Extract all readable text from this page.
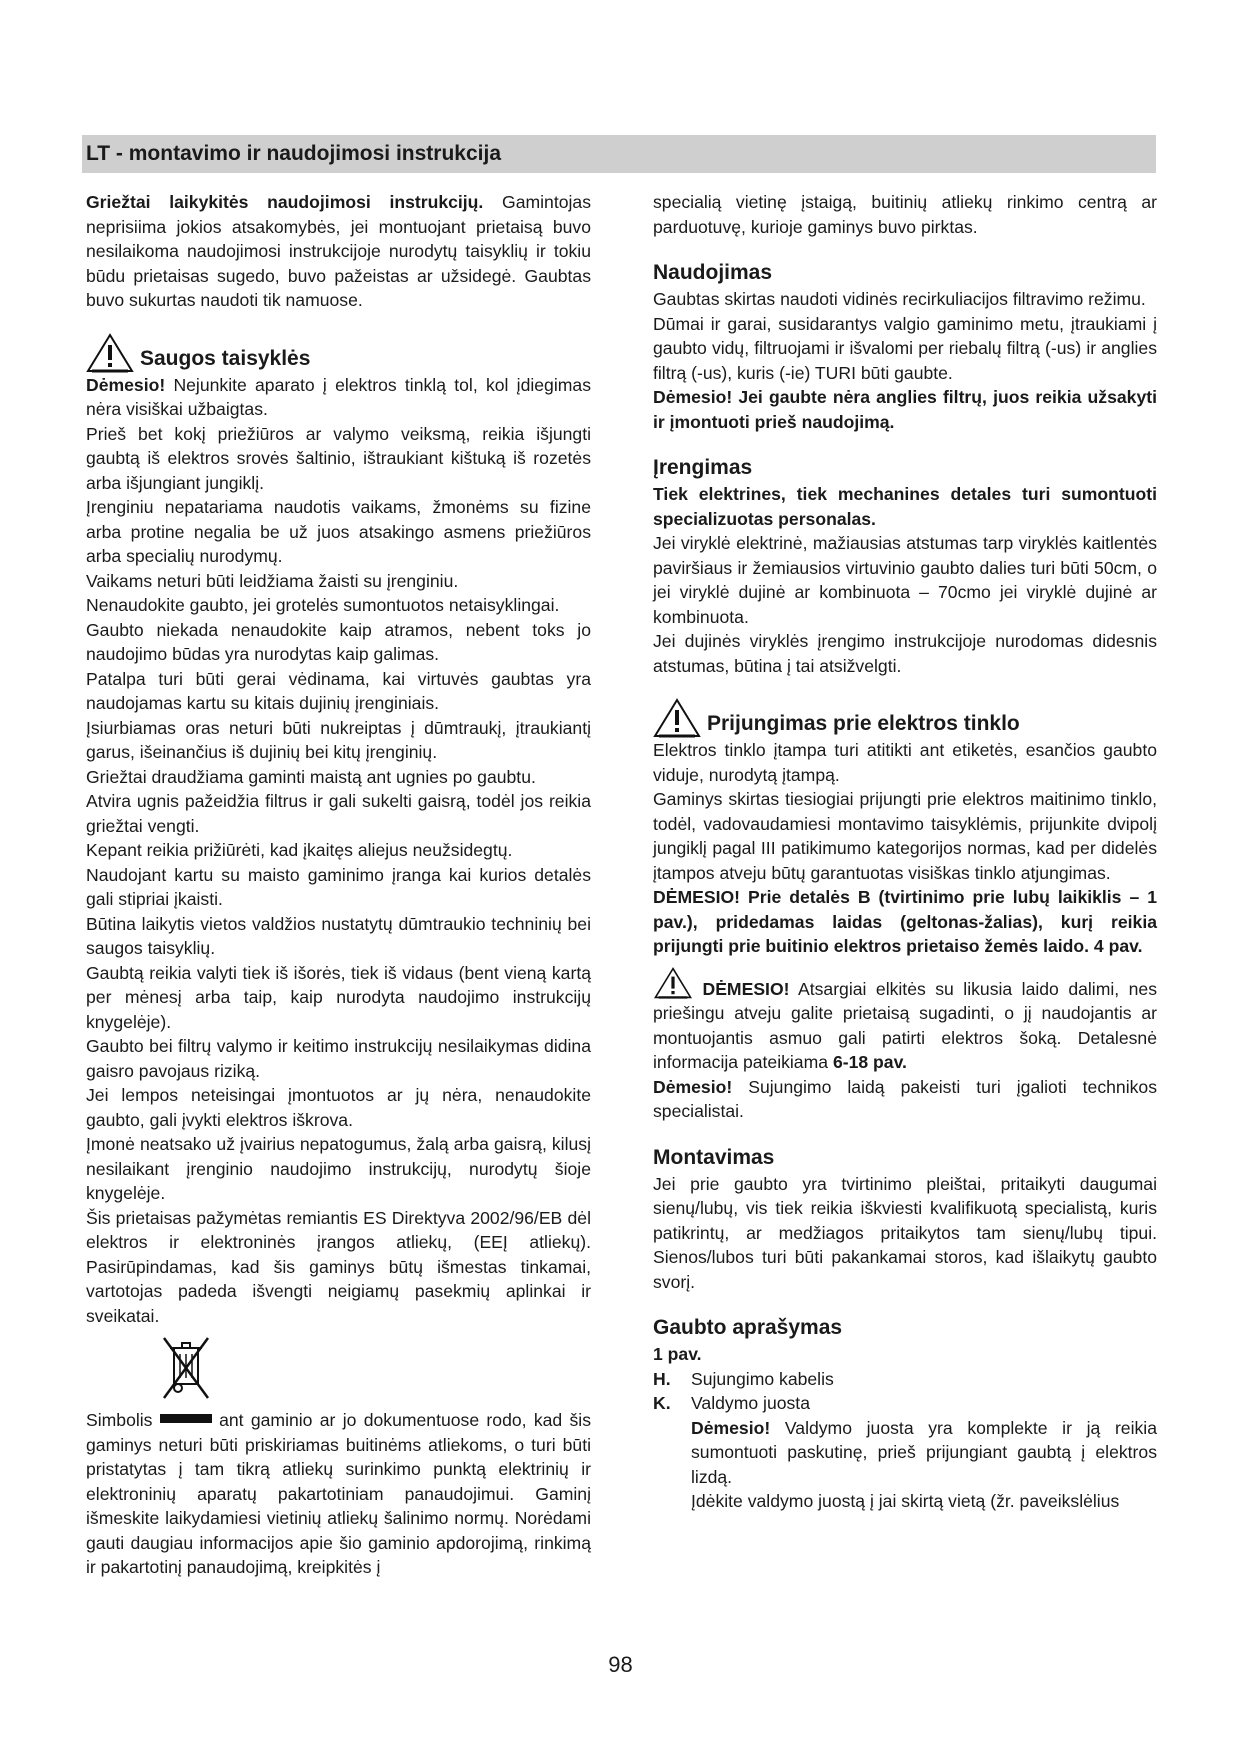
LT - montavimo ir naudojimosi instrukcija

Griežtai laikykitės naudojimosi instrukcijų. Gamintojas neprisiima jokios atsakomybės, jei montuojant prietaisą buvo nesilaikoma naudojimosi instrukcijoje nurodytų taisyklių ir tokiu būdu prietaisas sugedo, buvo pažeistas ar užsidegė. Gaubtas buvo sukurtas naudoti tik namuose.

Saugos taisyklės

Dėmesio! Nejunkite aparato į elektros tinklą tol, kol įdiegimas nėra visiškai užbaigtas.

Prieš bet kokį priežiūros ar valymo veiksmą, reikia išjungti gaubtą iš elektros srovės šaltinio, ištraukiant kištuką iš rozetės arba išjungiant jungiklį.

Įrenginiu nepatariama naudotis vaikams, žmonėms su fizine arba protine negalia be už juos atsakingo asmens priežiūros arba specialių nurodymų.

Vaikams neturi būti leidžiama žaisti su įrenginiu.

Nenaudokite gaubto, jei grotelės sumontuotos netaisyklingai.

Gaubto niekada nenaudokite kaip atramos, nebent toks jo naudojimo būdas yra nurodytas kaip galimas.

Patalpa turi būti gerai vėdinama, kai virtuvės gaubtas yra naudojamas kartu su kitais dujinių įrenginiais.

Įsiurbiamas oras neturi būti nukreiptas į dūmtraukį, įtraukiantį garus, išeinančius iš dujinių bei kitų įrenginių.

Griežtai draudžiama gaminti maistą ant ugnies po gaubtu.

Atvira ugnis pažeidžia filtrus ir gali sukelti gaisrą, todėl jos reikia griežtai vengti.

Kepant reikia prižiūrėti, kad įkaitęs aliejus neužsidegtų.

Naudojant kartu su maisto gaminimo įranga kai kurios detalės gali stipriai įkaisti.

Būtina laikytis vietos valdžios nustatytų dūmtraukio techninių bei saugos taisyklių.

Gaubtą reikia valyti tiek iš išorės, tiek iš vidaus (bent vieną kartą per mėnesį arba taip, kaip nurodyta naudojimo instrukcijų knygelėje).

Gaubto bei filtrų valymo ir keitimo instrukcijų nesilaikymas didina gaisro pavojaus riziką.

Jei lempos neteisingai įmontuotos ar jų nėra, nenaudokite gaubto, gali įvykti elektros iškrova.

Įmonė neatsako už įvairius nepatogumus, žalą arba gaisrą, kilusį nesilaikant įrenginio naudojimo instrukcijų, nurodytų šioje knygelėje.

Šis prietaisas pažymėtas remiantis ES Direktyva 2002/96/EB dėl elektros ir elektroninės įrangos atliekų, (EEĮ atliekų). Pasirūpindamas, kad šis gaminys būtų išmestas tinkamai, vartotojas padeda išvengti neigiamų pasekmių aplinkai ir sveikatai.

Simbolis	ant gaminio ar jo dokumentuose rodo, kad šis gaminys neturi būti priskiriamas buitinėms atliekoms, o turi būti pristatytas į tam tikrą atliekų surinkimo punktą elektrinių ir elektroninių aparatų pakartotiniam panaudojimui. Gaminį išmeskite laikydamiesi vietinių atliekų šalinimo normų. Norėdami gauti daugiau informacijos apie šio gaminio apdorojimą, rinkimą ir pakartotinį panaudojimą, kreipkitės į

specialią vietinę įstaigą, buitinių atliekų rinkimo centrą ar parduotuvę, kurioje gaminys buvo pirktas.

Naudojimas

Gaubtas skirtas naudoti vidinės recirkuliacijos filtravimo režimu.

Dūmai ir garai, susidarantys valgio gaminimo metu, įtraukiami į gaubto vidų, filtruojami ir išvalomi per riebalų filtrą (-us) ir anglies filtrą (-us), kuris (-ie) TURI būti gaubte.

Dėmesio! Jei gaubte nėra anglies filtrų, juos reikia užsakyti ir įmontuoti prieš naudojimą.

Įrengimas

Tiek elektrines, tiek mechanines detales turi sumontuoti specializuotas personalas.

Jei viryklė elektrinė, mažiausias atstumas tarp viryklės kaitlentės paviršiaus ir žemiausios virtuvinio gaubto dalies turi būti 50cm, o jei viryklė dujinė ar kombinuota – 70cmo jei viryklė dujinė ar kombinuota.

Jei dujinės viryklės įrengimo instrukcijoje nurodomas didesnis atstumas, būtina į tai atsižvelgti.

Prijungimas prie elektros tinklo

Elektros tinklo įtampa turi atitikti ant etiketės, esančios gaubto viduje, nurodytą įtampą.

Gaminys skirtas tiesiogiai prijungti prie elektros maitinimo tinklo, todėl, vadovaudamiesi montavimo taisyklėmis, prijunkite dvipolį jungiklį pagal III patikimumo kategorijos normas, kad per didelės įtampos atveju būtų garantuotas visiškas tinklo atjungimas.

DĖMESIO! Prie detalės B (tvirtinimo prie lubų laikiklis – 1 pav.), pridedamas laidas (geltonas-žalias), kurį reikia prijungti prie buitinio elektros prietaiso žemės laido. 4 pav.

DĖMESIO! Atsargiai elkitės su likusia laido dalimi, nes priešingu atveju galite prietaisą sugadinti, o jį naudojantis ar montuojantis asmuo gali patirti elektros šoką. Detalesnė informacija pateikiama 6-18 pav.

Dėmesio! Sujungimo laidą pakeisti turi įgalioti technikos specialistai.

Montavimas

Jei prie gaubto yra tvirtinimo pleištai, pritaikyti daugumai sienų/lubų, vis tiek reikia iškviesti kvalifikuotą specialistą, kuris patikrintų, ar medžiagos pritaikytos tam sienų/lubų tipui. Sienos/lubos turi būti pakankamai storos, kad išlaikytų gaubto svorį.

Gaubto aprašymas

1 pav.

H.	Sujungimo kabelis
K.	Valdymo juosta

Dėmesio! Valdymo juosta yra komplekte ir ją reikia sumontuoti paskutinę, prieš prijungiant gaubtą į elektros lizdą.

Įdėkite valdymo juostą į jai skirtą vietą (žr. paveikslėlius

98
